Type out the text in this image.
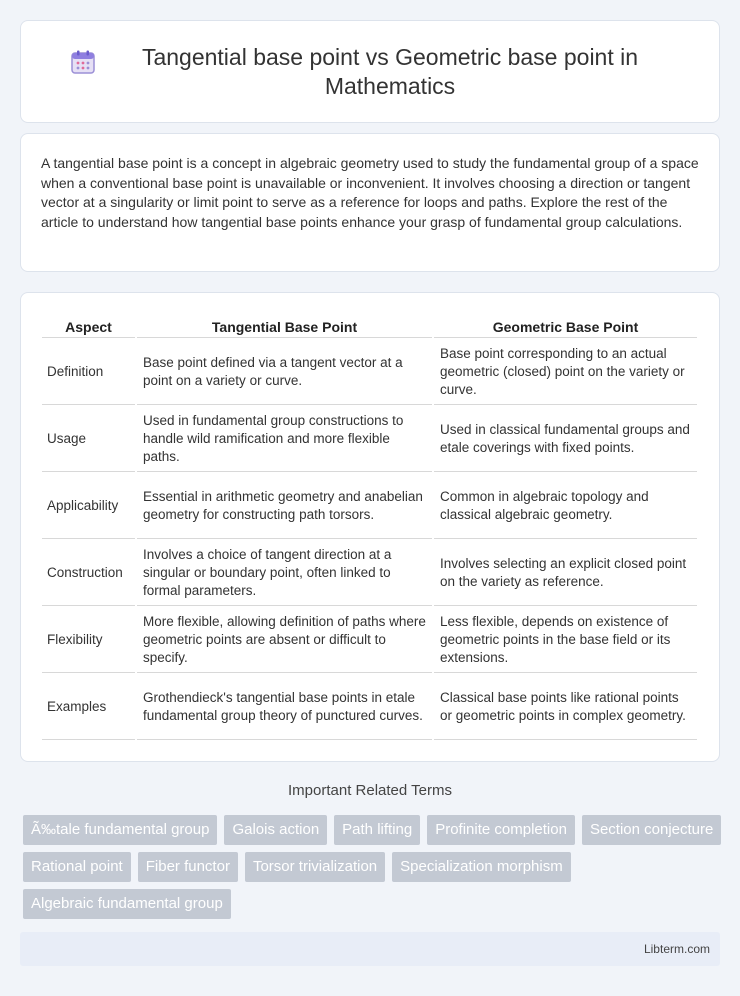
Tangential base point vs Geometric base point in Mathematics

A tangential base point is a concept in algebraic geometry used to study the fundamental group of a space when a conventional base point is unavailable or inconvenient. It involves choosing a direction or tangent vector at a singularity or limit point to serve as a reference for loops and paths. Explore the rest of the article to understand how tangential base points enhance your grasp of fundamental group calculations.

Aspect	Tangential Base Point	Geometric Base Point
Definition	Base point defined via a tangent vector at a point on a variety or curve.	Base point corresponding to an actual geometric (closed) point on the variety or curve.
Usage	Used in fundamental group constructions to handle wild ramification and more flexible paths.	Used in classical fundamental groups and etale coverings with fixed points.
Applicability	Essential in arithmetic geometry and anabelian geometry for constructing path torsors.	Common in algebraic topology and classical algebraic geometry.
Construction	Involves a choice of tangent direction at a singular or boundary point, often linked to formal parameters.	Involves selecting an explicit closed point on the variety as reference.
Flexibility	More flexible, allowing definition of paths where geometric points are absent or difficult to specify.	Less flexible, depends on existence of geometric points in the base field or its extensions.
Examples	Grothendieck's tangential base points in etale fundamental group theory of punctured curves.	Classical base points like rational points or geometric points in complex geometry.
Important Related Terms
Ã‰tale fundamental group	Galois action	Path lifting	Profinite completion	Section conjecture
Rational point	Fiber functor	Torsor trivialization	Specialization morphism
Algebraic fundamental group
Libterm.com
